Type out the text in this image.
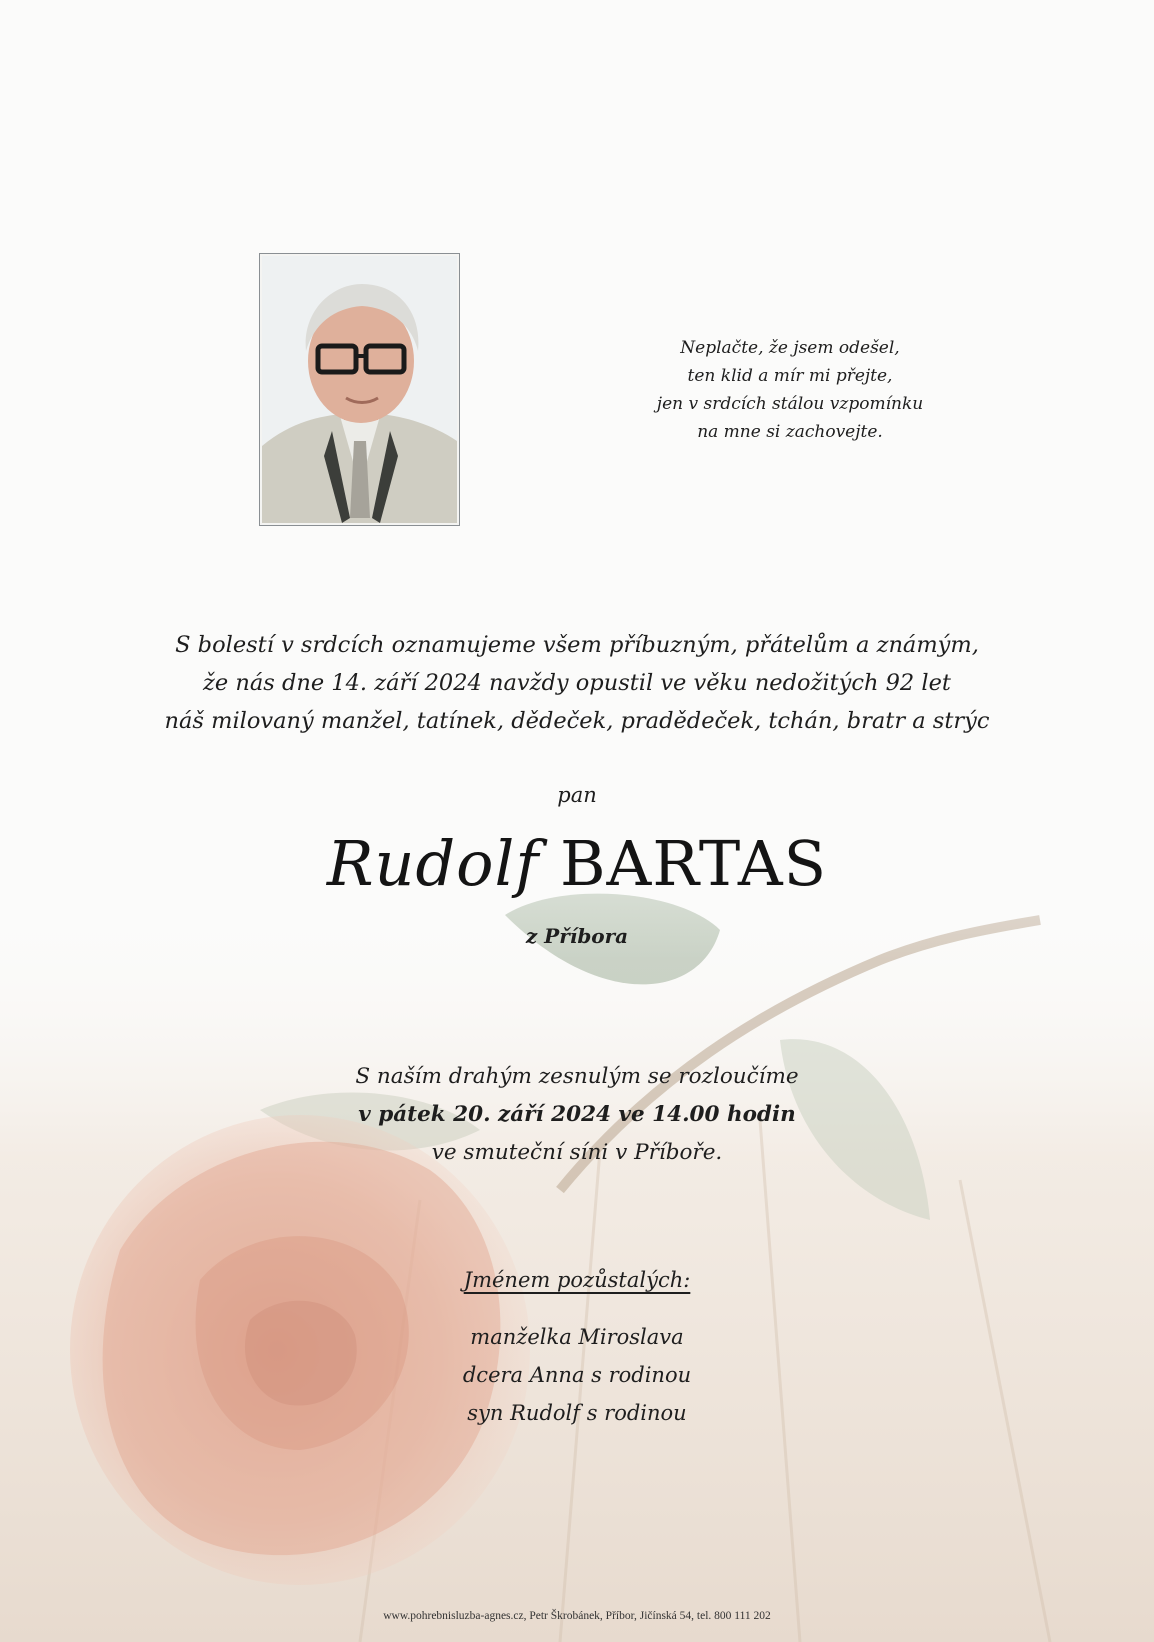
Neplačte, že jsem odešel,
ten klid a mír mi přejte,
jen v srdcích stálou vzpomínku
na mne si zachovejte.
S bolestí v srdcích oznamujeme všem příbuzným, přátelům a známým,
že nás dne 14. září 2024 navždy opustil ve věku nedožitých 92 let
náš milovaný manžel, tatínek, dědeček, pradědeček, tchán, bratr a strýc
pan
Rudolf BARTAS
z Příbora
S naším drahým zesnulým se rozloučíme
v pátek 20. září 2024 ve 14.00 hodin
ve smuteční síni v Příboře.
Jménem pozůstalých:
manželka Miroslava
dcera Anna s rodinou
syn Rudolf s rodinou
www.pohrebnisluzba-agnes.cz, Petr Škrobánek, Příbor, Jičínská 54, tel. 800 111 202
